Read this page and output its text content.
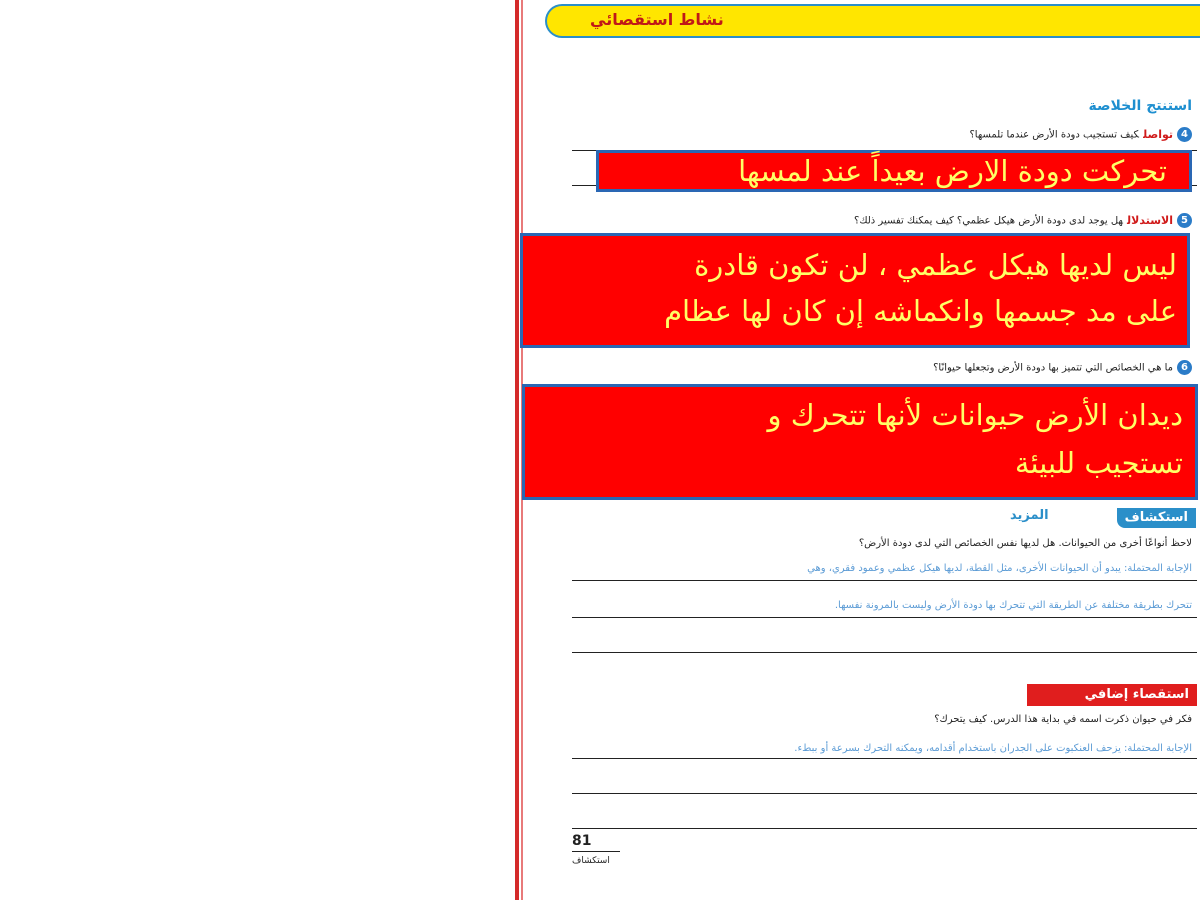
نشاط استقصائي
استنتج الخلاصة
4تواصلكيف تستجيب دودة الأرض عندما تلمسها؟
تحركت دودة الارض بعيداً عند لمسها
5الاستدلالهل يوجد لدى دودة الأرض هيكل عظمي؟ كيف يمكنك تفسير ذلك؟
ليس لديها هيكل عظمي ، لن تكون قادرة
على مد جسمها وانكماشه إن كان لها عظام
6ما هي الخصائص التي تتميز بها دودة الأرض وتجعلها حيوانًا؟
ديدان الأرض حيوانات لأنها تتحرك و
تستجيب للبيئة
استكشاف
المزيد
لاحظ أنواعًا أخرى من الحيوانات. هل لديها نفس الخصائص التي لدى دودة الأرض؟
الإجابة المحتملة: يبدو أن الحيوانات الأخرى، مثل القطة، لديها هيكل عظمي وعمود فقري، وهي
تتحرك بطريقة مختلفة عن الطريقة التي تتحرك بها دودة الأرض وليست بالمرونة نفسها.
استقصاء إضافي
فكر في حيوان ذكرت اسمه في بداية هذا الدرس. كيف يتحرك؟
الإجابة المحتملة: يزحف العنكبوت على الجدران باستخدام أقدامه، ويمكنه التحرك بسرعة أو ببطء.
81
استكشاف
